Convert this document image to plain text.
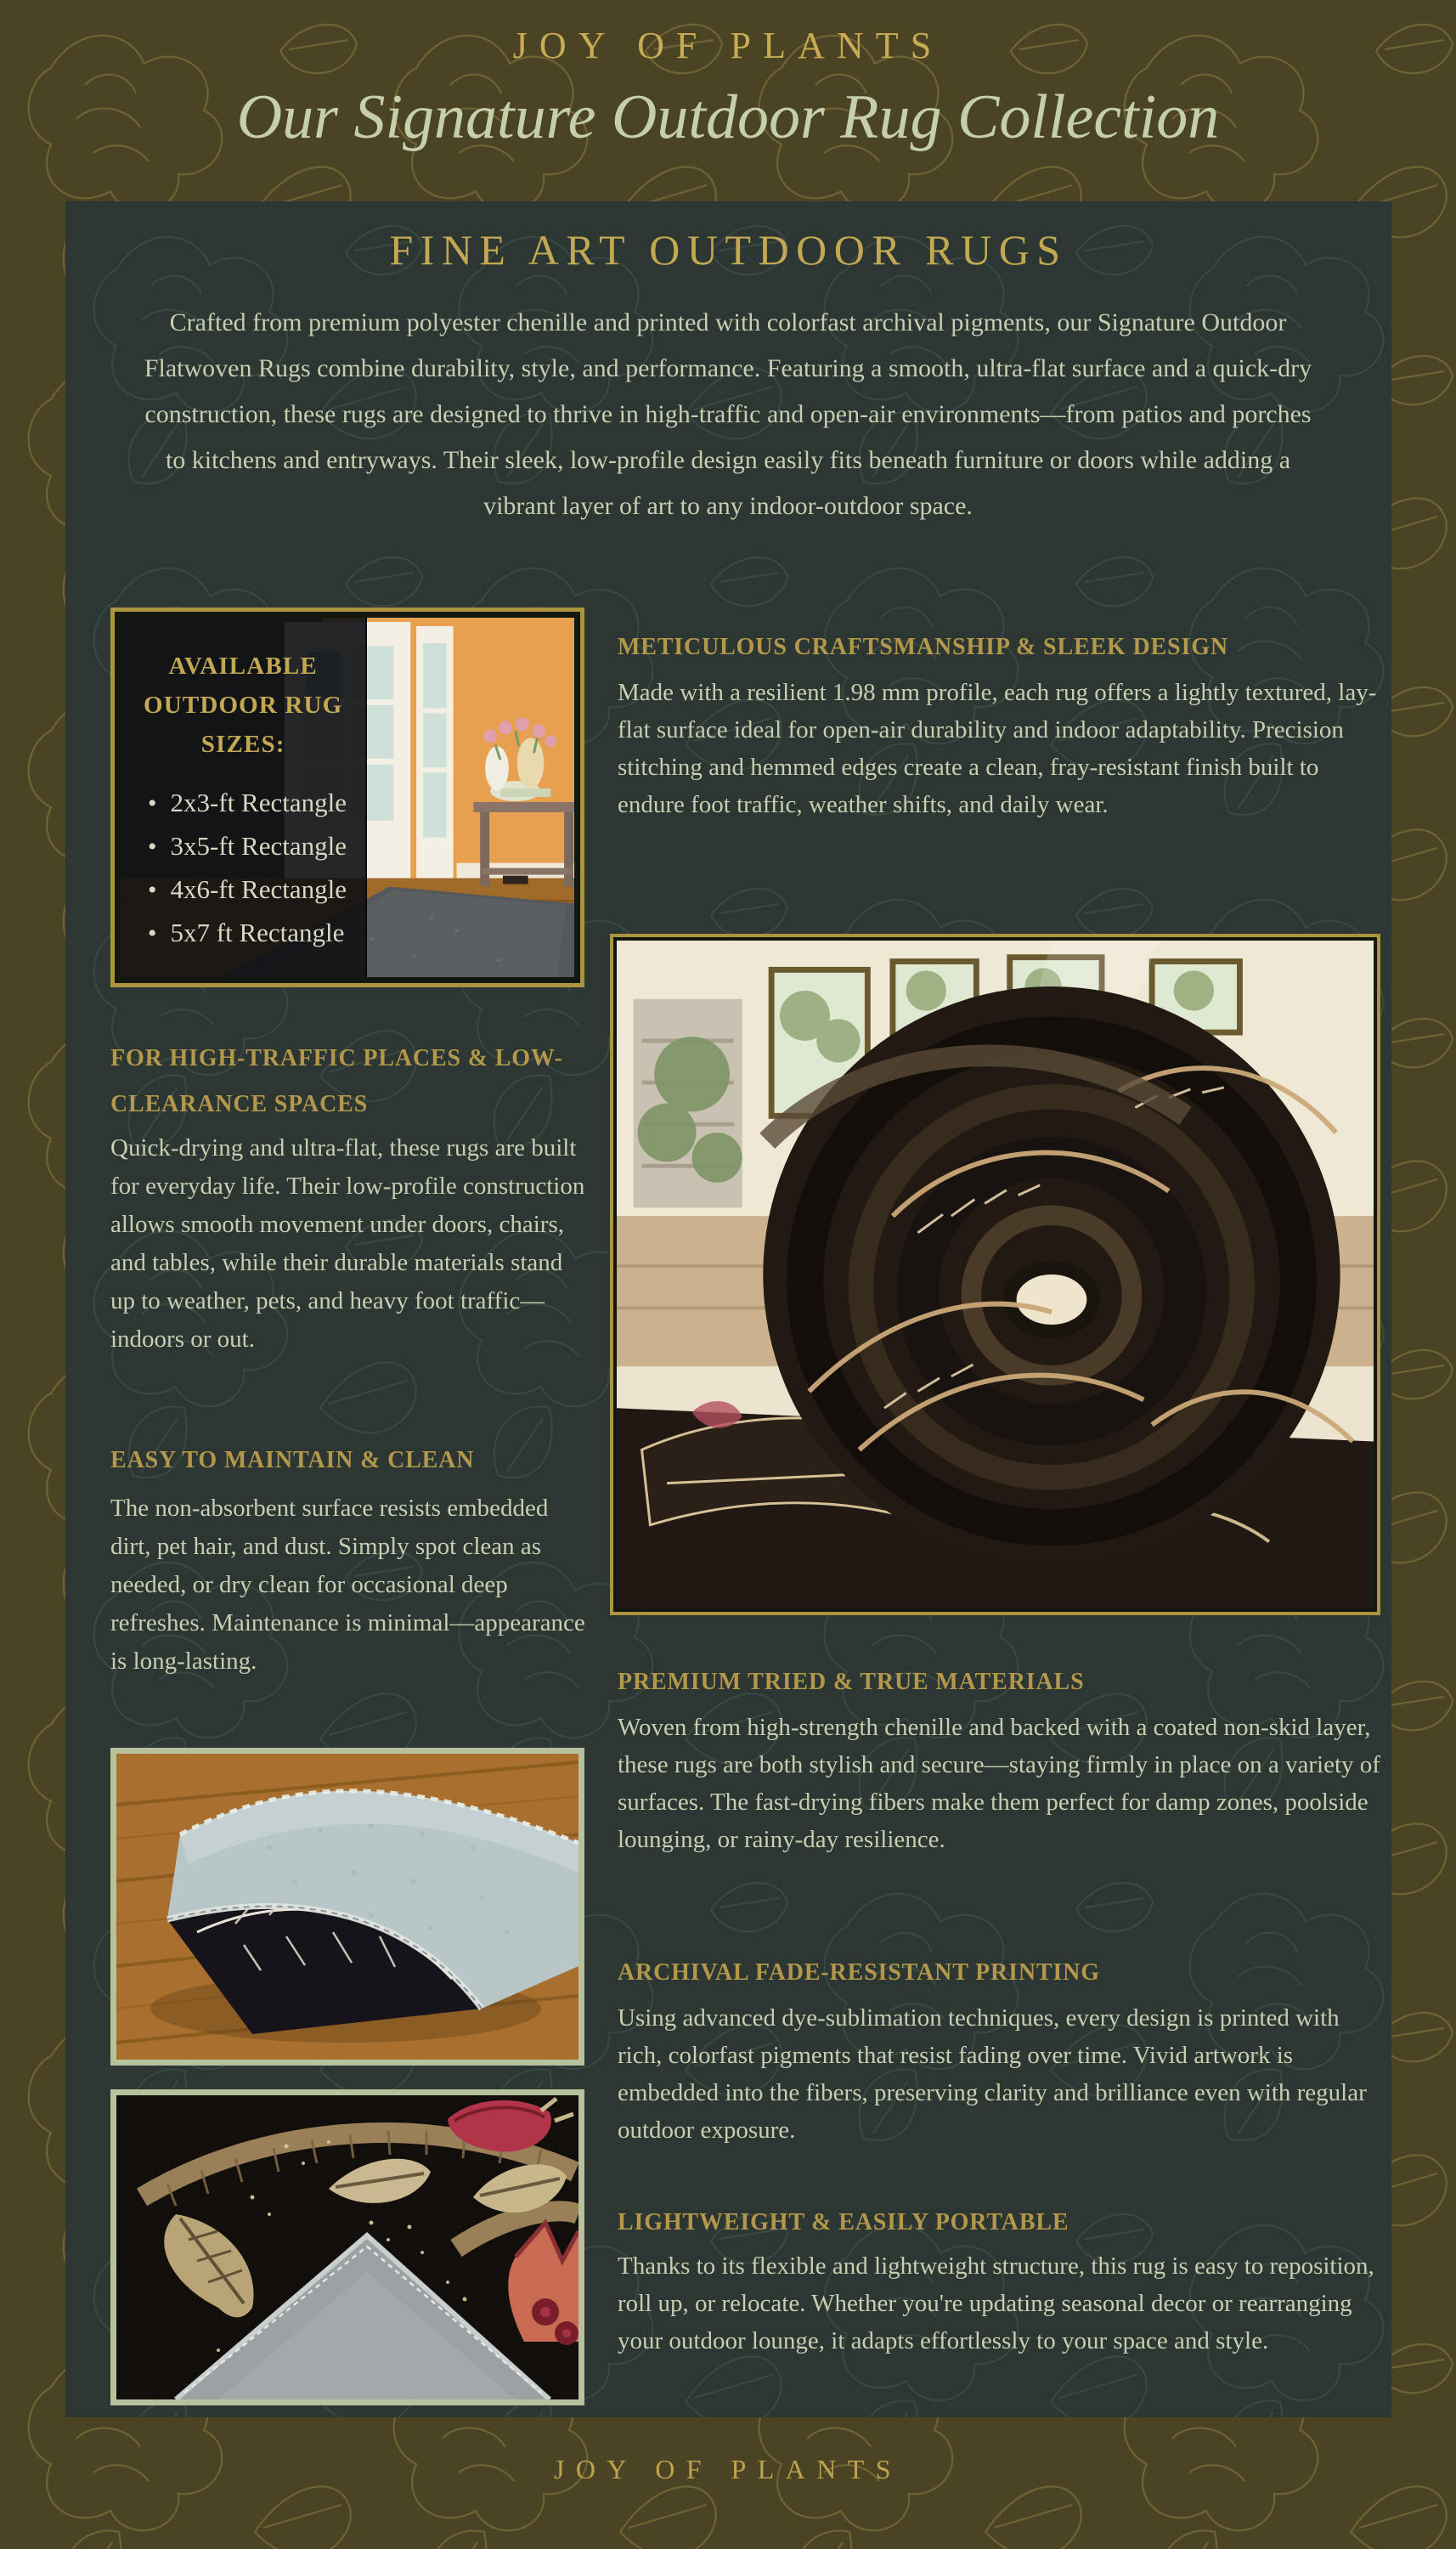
JOY OF PLANTS
Our Signature Outdoor Rug Collection
FINE ART OUTDOOR RUGS
Crafted from premium polyester chenille and printed with colorfast archival pigments, our Signature Outdoor Flatwoven Rugs combine durability, style, and performance. Featuring a smooth, ultra-flat surface and a quick-dry construction, these rugs are designed to thrive in high-traffic and open-air environments—from patios and porches to kitchens and entryways. Their sleek, low-profile design easily fits beneath furniture or doors while adding a vibrant layer of art to any indoor-outdoor space.
AVAILABLE OUTDOOR RUG SIZES:
• 2x3-ft Rectangle
• 3x5-ft Rectangle
• 4x6-ft Rectangle
• 5x7 ft Rectangle
METICULOUS CRAFTSMANSHIP & SLEEK DESIGN
Made with a resilient 1.98 mm profile, each rug offers a lightly textured, lay-flat surface ideal for open-air durability and indoor adaptability. Precision stitching and hemmed edges create a clean, fray-resistant finish built to endure foot traffic, weather shifts, and daily wear.
FOR HIGH-TRAFFIC PLACES & LOW-CLEARANCE SPACES
Quick-drying and ultra-flat, these rugs are built for everyday life. Their low-profile construction allows smooth movement under doors, chairs, and tables, while their durable materials stand up to weather, pets, and heavy foot traffic—indoors or out.
EASY TO MAINTAIN & CLEAN
The non-absorbent surface resists embedded dirt, pet hair, and dust. Simply spot clean as needed, or dry clean for occasional deep refreshes. Maintenance is minimal—appearance is long-lasting.
PREMIUM TRIED & TRUE MATERIALS
Woven from high-strength chenille and backed with a coated non-skid layer, these rugs are both stylish and secure—staying firmly in place on a variety of surfaces. The fast-drying fibers make them perfect for damp zones, poolside lounging, or rainy-day resilience.
ARCHIVAL FADE-RESISTANT PRINTING
Using advanced dye-sublimation techniques, every design is printed with rich, colorfast pigments that resist fading over time. Vivid artwork is embedded into the fibers, preserving clarity and brilliance even with regular outdoor exposure.
LIGHTWEIGHT & EASILY PORTABLE
Thanks to its flexible and lightweight structure, this rug is easy to reposition, roll up, or relocate. Whether you're updating seasonal decor or rearranging your outdoor lounge, it adapts effortlessly to your space and style.
JOY OF PLANTS
